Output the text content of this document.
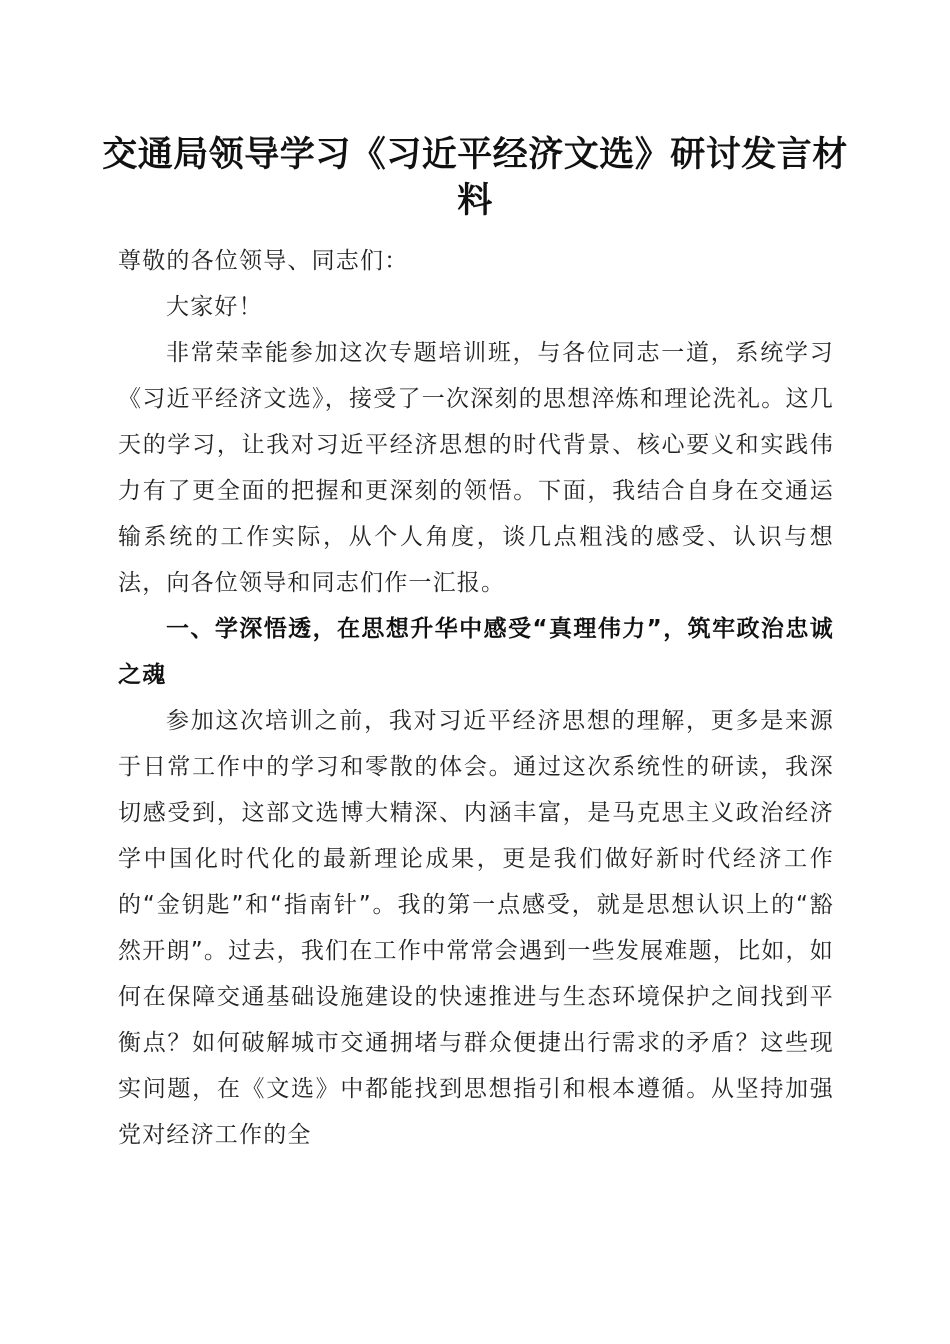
交通局领导学习《习近平经济文选》研讨发言材料

尊敬的各位领导、同志们：

大家好！

非常荣幸能参加这次专题培训班，与各位同志一道，系统学习《习近平经济文选》，接受了一次深刻的思想淬炼和理论洗礼。这几天的学习，让我对习近平经济思想的时代背景、核心要义和实践伟力有了更全面的把握和更深刻的领悟。下面，我结合自身在交通运输系统的工作实际，从个人角度，谈几点粗浅的感受、认识与想法，向各位领导和同志们作一汇报。

一、学深悟透，在思想升华中感受“真理伟力”，筑牢政治忠诚之魂

参加这次培训之前，我对习近平经济思想的理解，更多是来源于日常工作中的学习和零散的体会。通过这次系统性的研读，我深切感受到，这部文选博大精深、内涵丰富，是马克思主义政治经济学中国化时代化的最新理论成果，更是我们做好新时代经济工作的“金钥匙”和“指南针”。我的第一点感受，就是思想认识上的“豁然开朗”。过去，我们在工作中常常会遇到一些发展难题，比如，如何在保障交通基础设施建设的快速推进与生态环境保护之间找到平衡点？如何破解城市交通拥堵与群众便捷出行需求的矛盾？这些现实问题，在《文选》中都能找到思想指引和根本遵循。从坚持加强党对经济工作的全
